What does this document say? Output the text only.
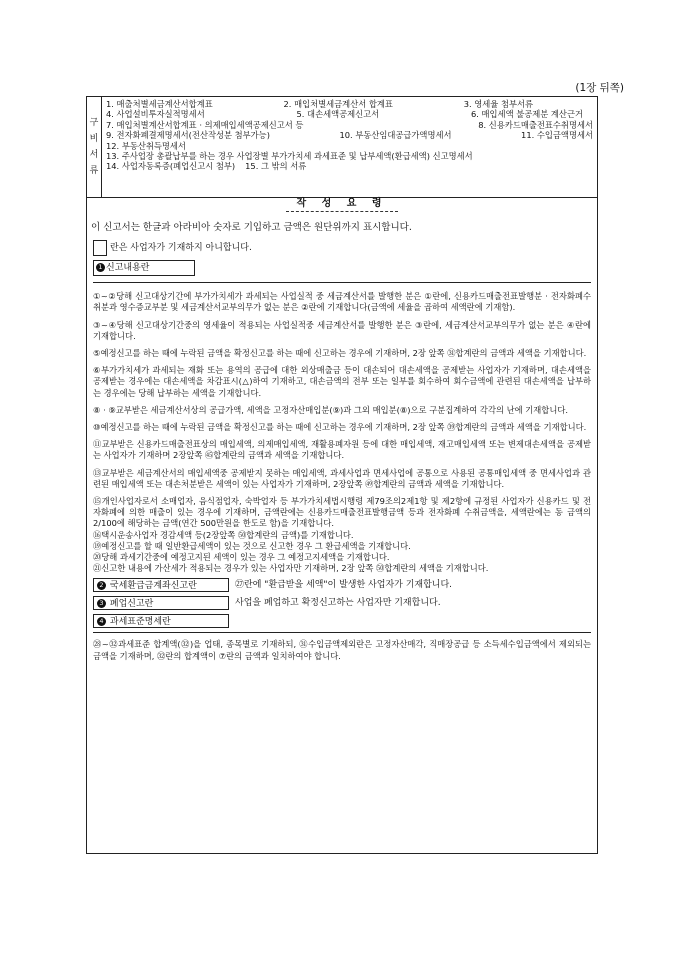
(1장 뒤쪽)
구
비
서
류
1. 매출처별세금계산서합계표	2. 매입처별세금계산서 합계표	3. 영세율 첨부서류
4. 사업설비투자실적명세서	5. 대손세액공제신고서	6. 매입세액 불공제분 계산근거
7. 매입처별계산서합계표 · 의제매입세액공제신고서 등	8. 신용카드매출전표수취명세서
9. 전자화폐결제명세서(전산작성분 첨부가능)	10. 부동산임대공급가액명세서	11. 수입금액명세서
12. 부동산취득명세서
13. 주사업장 총괄납부를 하는 경우 사업장별 부가가치세 과세표준 및 납부세액(환급세액) 신고명세서
14. 사업자동록증(폐업신고시 첨부) 15. 그 밖의 서류
작 성 요 령
이 신고서는 한글과 아라비아 숫자로 기입하고 금액은 원단위까지 표시합니다.
란은 사업자가 기재하지 아니합니다.
1 신고내용란

①~②당해 신고대상기간에 부가가치세가 과세되는 사업실적 중 세금계산서를 발행한 분은 ①란에, 신용카드매출전표발행분 · 전자화폐수취분과 영수증교부분 및 세금계산서교부의무가 없는 분은 ②란에 기재합니다(금액에 세율을 곱하여 세액란에 기재함).

③~④당해 신고대상기간중의 영세율이 적용되는 사업실적중 세금계산서를 발행한 분은 ③란에, 세금계산서교부의무가 없는 분은 ④란에 기재합니다.

⑤예정신고를 하는 때에 누락된 금액을 확정신고를 하는 때에 신고하는 경우에 기재하며, 2장 앞쪽 ㉛합계란의 금액과 세액을 기재합니다.

⑥부가가치세가 과세되는 재화 또는 용역의 공급에 대한 외상매출금 등이 대손되어 대손세액을 공제받는 사업자가 기재하며, 대손세액을 공제받는 경우에는 대손세액을 차감표시(△)하여 기재하고, 대손금액의 전부 또는 일부를 회수하여 회수금액에 관련된 대손세액을 납부하는 경우에는 당해 납부하는 세액을 기재합니다.

⑧ · ⑨교부받은 세금계산서상의 공급가액, 세액을 고정자산매입분(⑨)과 그외 매입분(⑧)으로 구분집계하여 각각의 난에 기재합니다.

⑩예정신고를 하는 때에 누락된 금액을 확정신고를 하는 때에 신고하는 경우에 기재하며, 2장 앞쪽 ㊴합계란의 금액과 세액을 기재합니다.

⑪교부받은 신용카드매출전표상의 매입세액, 의제매입세액, 재활용폐자원 등에 대한 매입세액, 재고매입세액 또는 변제대손세액을 공제받는 사업자가 기재하며 2장앞쪽 ㊺합계란의 금액과 세액을 기재합니다.

⑬교부받은 세금계산서의 매입세액중 공제받지 못하는 매입세액, 과세사업과 면세사업에 공통으로 사용된 공통매입세액 중 면세사업과 관련된 매입세액 또는 대손처분받은 세액이 있는 사업자가 기재하며, 2장앞쪽 ㊾합계란의 금액과 세액을 기재합니다.

⑮개인사업자로서 소매업자, 음식점업자, 숙박업자 등 부가가치세법시행령 제79조의2제1항 및 제2항에 규정된 사업자가 신용카드 및 전자화폐에 의한 매출이 있는 경우에 기재하며, 금액란에는 신용카드매출전표발행금액 등과 전자화폐 수취금액을, 세액란에는 동 금액의 2/100에 해당하는 금액(연간 500만원을 한도로 함)을 기재합니다.

⑯택시운송사업자 경감세액 등(2장앞쪽 ㊿합계란의 금액)를 기재합니다.

⑲예정신고를 할 때 일반환급세액이 있는 것으로 신고한 경우 그 환급세액을 기재합니다.

⑳당해 과세기간중에 예정고지된 세액이 있는 경우 그 예정고지세액을 기재합니다.

㉑신고한 내용에 가산세가 적용되는 경우가 있는 사업자만 기재하며, 2장 앞쪽 ㊿합계란의 세액을 기재합니다.

2 국세환급금계좌신고란	㉗란에 "환급받을 세액"이 발생한 사업자가 기재합니다.
3 폐업신고란	사업을 폐업하고 확정신고하는 사업자만 기재합니다.
4 과세표준명세란

㉘~㉜과세표준 합계액(㉜)을 업태, 종목별로 기재하되, ㉛수입금액제외란은 고정자산매각, 직매장공급 등 소득세수입금액에서 제외되는 금액을 기재하며, ㉜란의 합계액이 ⑦란의 금액과 일치하여야 합니다.
